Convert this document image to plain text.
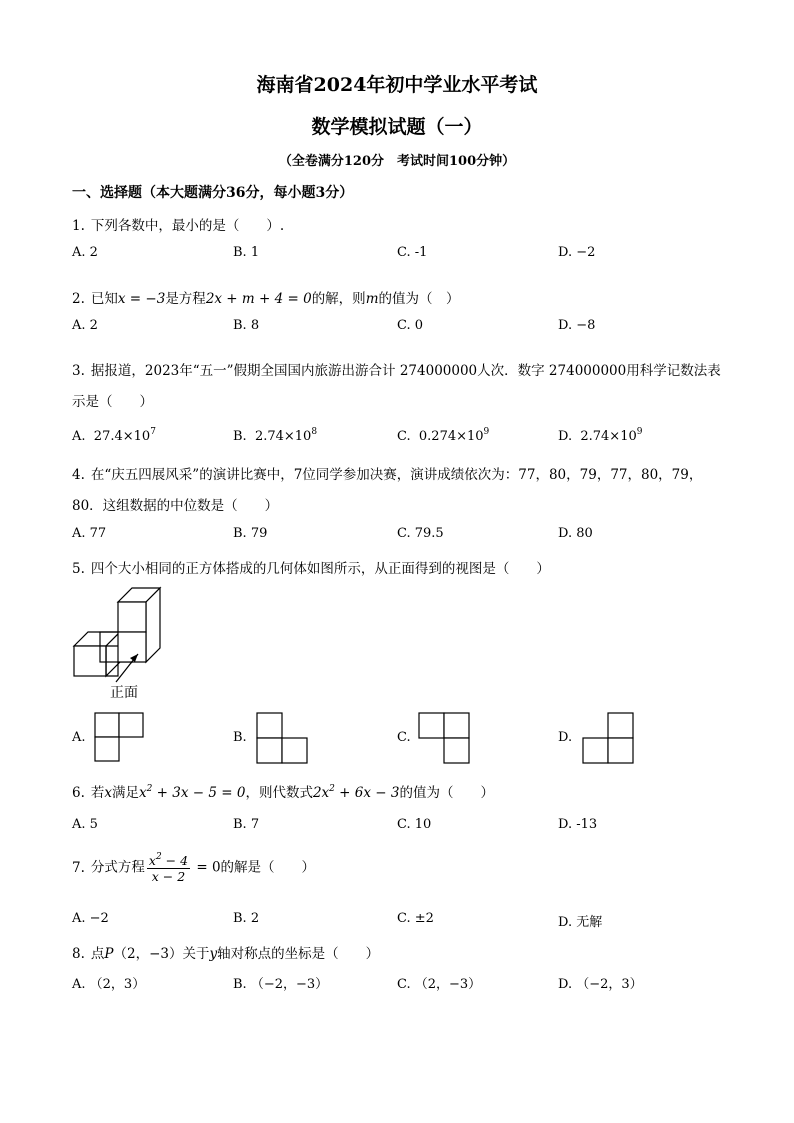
海南省2024年初中学业水平考试
数学模拟试题（一）
（全卷满分120分　考试时间100分钟）
一、选择题（本大题满分36分，每小题3分）
1. 下列各数中，最小的是（　　）.
A. 2	B. 1	C. -1	D. −2
2. 已知x = −3是方程2x + m + 4 = 0的解，则m的值为（　）
A. 2	B. 8	C. 0	D. −8
3. 据报道，2023年“五一”假期全国国内旅游出游合计 274000000人次．数字 274000000用科学记数法表
示是（　　）
A. $27.4\times 10^7$	B. $2.74\times 10^8$	C. $0.274\times 10^9$	D. $2.74\times 10^9$
4. 在“庆五四展风采”的演讲比赛中，7位同学参加决赛，演讲成绩依次为：77，80，79，77，80，79，
80．这组数据的中位数是（　　）
A. 77	B. 79	C. 79.5	D. 80
5. 四个大小相同的正方体搭成的几何体如图所示，从正面得到的视图是（　　）
正面
A.	B.	C.	D.
6. 若x满足$x^2 + 3x - 5 = 0$，则代数式$2x^2 + 6x - 3$的值为（　　）
A. 5	B. 7	C. 10	D. -13
7. 分式方程 $\frac{x^2 - 4}{x - 2} = 0$的解是（　　）
A. −2	B. 2	C. ±2	D. 无解
8. 点P（2，−3）关于y轴对称点的坐标是（　　）
A. （2，3）	B. （−2，−3）	C. （2，−3）	D. （−2，3）
